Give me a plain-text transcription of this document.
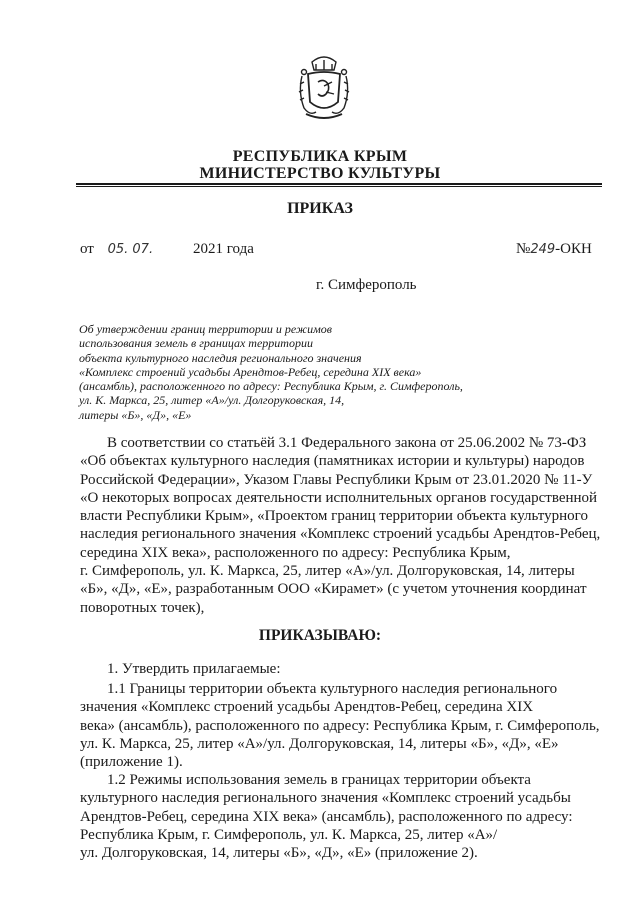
РЕСПУБЛИКА КРЫМ
МИНИСТЕРСТВО КУЛЬТУРЫ
ПРИКАЗ
от 05. 07.	2021 года	№249-ОКН
г. Симферополь
Об утверждении границ территории и режимов
использования земель в границах территории
объекта культурного наследия регионального значения
«Комплекс строений усадьбы Арендтов-Ребец, середина XIX века»
(ансамбль), расположенного по адресу: Республика Крым, г. Симферополь,
ул. К. Маркса, 25, литер «А»/ул. Долгоруковская, 14,
литеры «Б», «Д», «Е»
В соответствии со статьёй 3.1 Федерального закона от 25.06.2002 № 73-ФЗ
«Об объектах культурного наследия (памятниках истории и культуры) народов
Российской Федерации», Указом Главы Республики Крым от 23.01.2020 № 11-У
«О некоторых вопросах деятельности исполнительных органов государственной
власти Республики Крым», «Проектом границ территории объекта культурного
наследия регионального значения «Комплекс строений усадьбы Арендтов-Ребец,
середина XIX века», расположенного по адресу: Республика Крым,
г. Симферополь, ул. К. Маркса, 25, литер «А»/ул. Долгоруковская, 14, литеры
«Б», «Д», «Е», разработанным ООО «Кирамет» (с учетом уточнения координат
поворотных точек),
ПРИКАЗЫВАЮ:
1. Утвердить прилагаемые:
1.1 Границы территории объекта культурного наследия регионального
значения «Комплекс строений усадьбы Арендтов-Ребец, середина XIX
века» (ансамбль), расположенного по адресу: Республика Крым, г. Симферополь,
ул. К. Маркса, 25, литер «А»/ул. Долгоруковская, 14, литеры «Б», «Д», «Е»
(приложение 1).
1.2 Режимы использования земель в границах территории объекта
культурного наследия регионального значения «Комплекс строений усадьбы
Арендтов-Ребец, середина XIX века» (ансамбль), расположенного по адресу:
Республика Крым, г. Симферополь, ул. К. Маркса, 25, литер «А»/
ул. Долгоруковская, 14, литеры «Б», «Д», «Е» (приложение 2).
